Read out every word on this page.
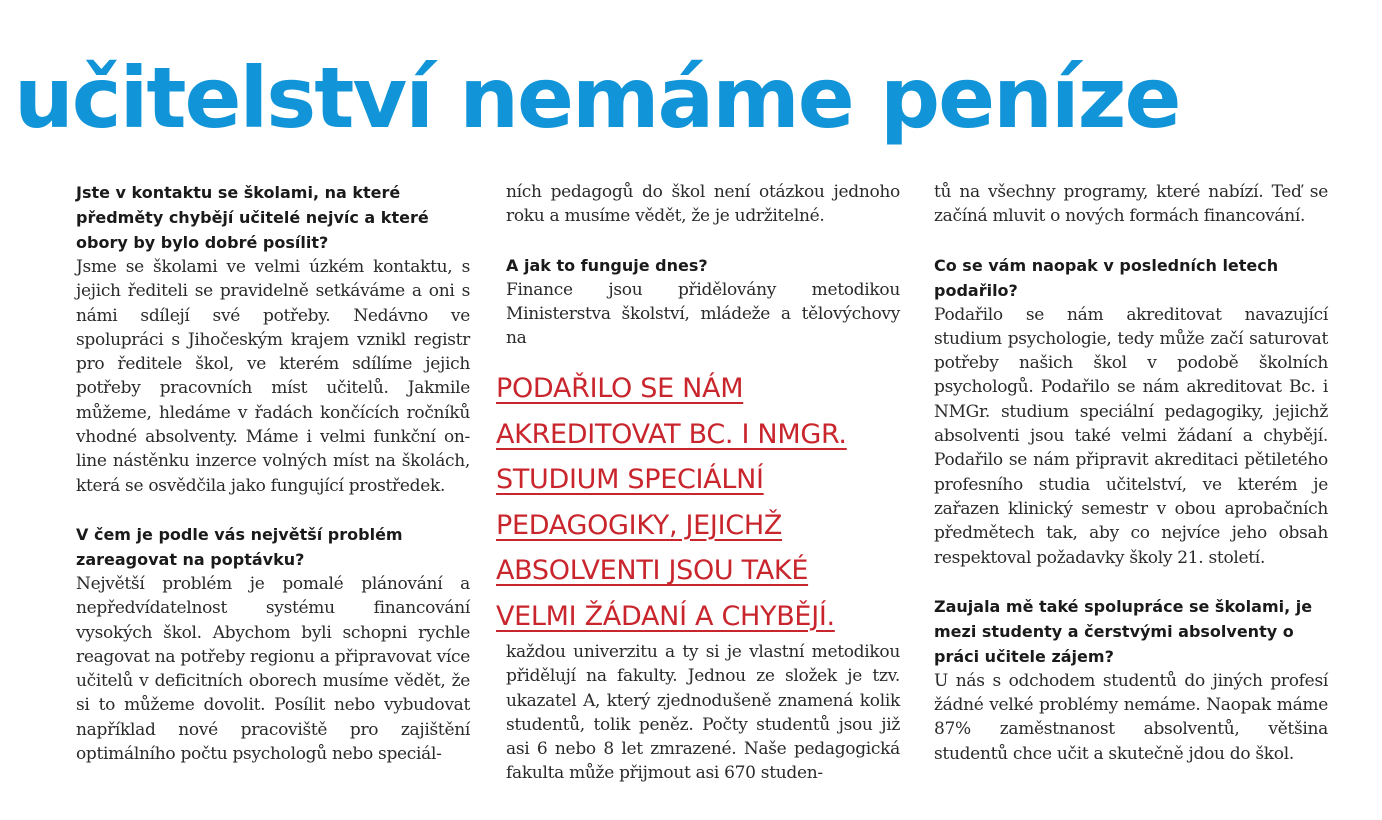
učitelství nemáme peníze
Jste v kontaktu se školami, na které předměty chybějí učitelé nejvíc a které obory by bylo dobré posílit?

Jsme se školami ve velmi úzkém kontaktu, s jejich řediteli se pravidelně setkáváme a oni s námi sdílejí své potřeby. Nedávno ve spolupráci s Jihočeským krajem vznikl registr pro ředitele škol, ve kterém sdílíme jejich potřeby pracovních míst učitelů. Jakmile můžeme, hledáme v řadách končících ročníků vhodné absolventy. Máme i velmi funkční on-line nástěnku inzerce volných míst na školách, která se osvědčila jako fungující prostředek.

V čem je podle vás největší problém zareagovat na poptávku?

Největší problém je pomalé plánování a nepředvídatelnost systému financování vysokých škol. Abychom byli schopni rychle reagovat na potřeby regionu a připravovat více učitelů v deficitních oborech musíme vědět, že si to můžeme dovolit. Posílit nebo vybudovat například nové pracoviště pro zajištění optimálního počtu psychologů nebo speciál-

ních pedagogů do škol není otázkou jednoho roku a musíme vědět, že je udržitelné.

A jak to funguje dnes?

Finance jsou přidělovány metodikou Ministerstva školství, mládeže a tělovýchovy na

PODAŘILO SE NÁM AKREDITOVAT BC. I NMGR. STUDIUM SPECIÁLNÍ PEDAGOGIKY, JEJICHŽ ABSOLVENTI JSOU TAKÉ VELMI ŽÁDANÍ A CHYBĚJÍ.

každou univerzitu a ty si je vlastní metodikou přidělují na fakulty. Jednou ze složek je tzv. ukazatel A, který zjednodušeně znamená kolik studentů, tolik peněz. Počty studentů jsou již asi 6 nebo 8 let zmrazené. Naše pedagogická fakulta může přijmout asi 670 studen-

tů na všechny programy, které nabízí. Teď se začíná mluvit o nových formách financování.

Co se vám naopak v posledních letech podařilo?

Podařilo se nám akreditovat navazující studium psychologie, tedy může začí saturovat potřeby našich škol v podobě školních psychologů. Podařilo se nám akreditovat Bc. i NMGr. studium speciální pedagogiky, jejichž absolventi jsou také velmi žádaní a chybějí. Podařilo se nám připravit akreditaci pětiletého profesního studia učitelství, ve kterém je zařazen klinický semestr v obou aprobačních předmětech tak, aby co nejvíce jeho obsah respektoval požadavky školy 21. století.

Zaujala mě také spolupráce se školami, je mezi studenty a čerstvými absolventy o práci učitele zájem?

U nás s odchodem studentů do jiných profesí žádné velké problémy nemáme. Naopak máme 87% zaměstnanost absolventů, většina studentů chce učit a skutečně jdou do škol.
